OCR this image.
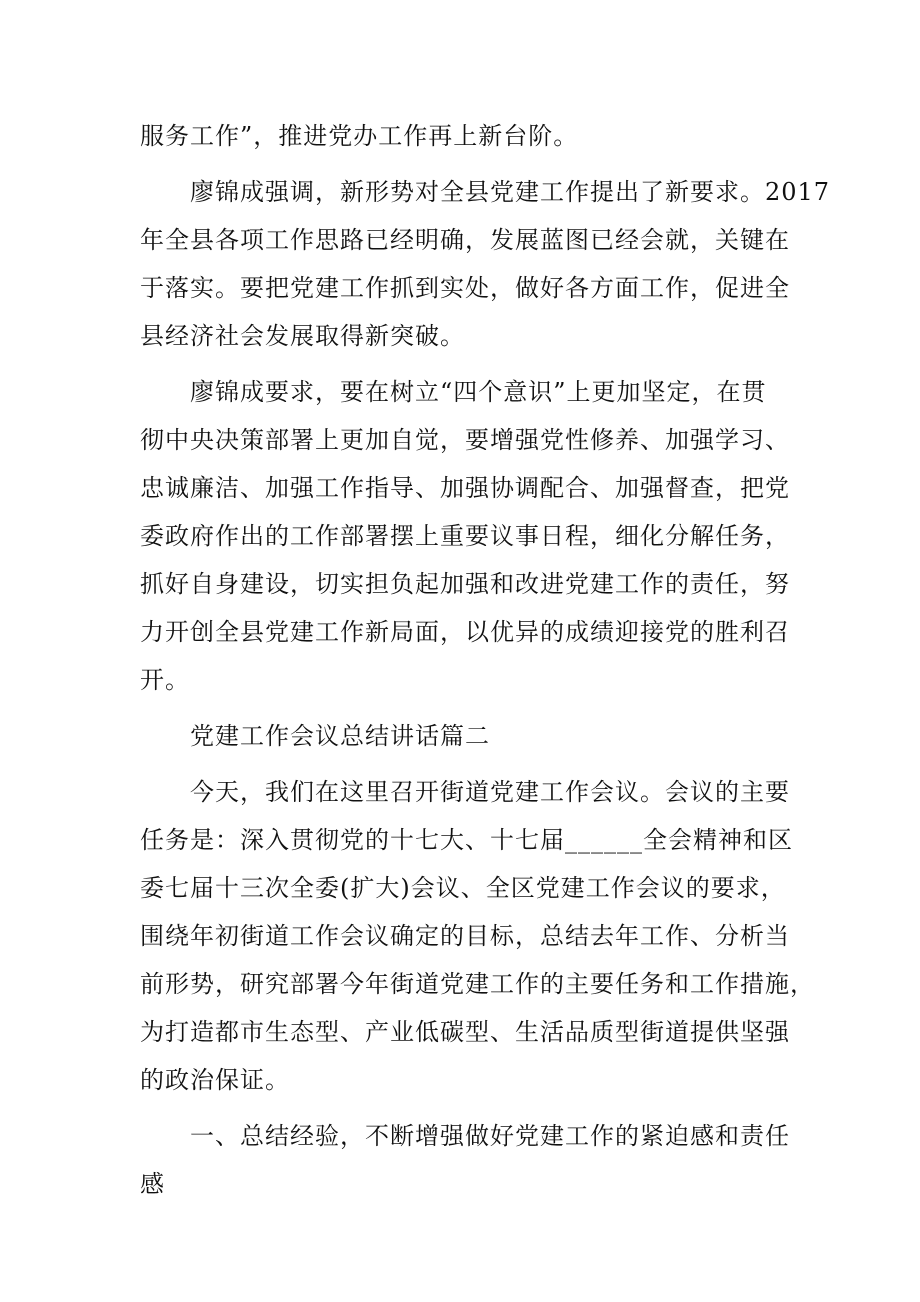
服务工作”，推进党办工作再上新台阶。
　　廖锦成强调，新形势对全县党建工作提出了新要求。2017
年全县各项工作思路已经明确，发展蓝图已经会就，关键在
于落实。要把党建工作抓到实处，做好各方面工作，促进全
县经济社会发展取得新突破。
　　廖锦成要求，要在树立“四个意识”上更加坚定，在贯
彻中央决策部署上更加自觉，要增强党性修养、加强学习、
忠诚廉洁、加强工作指导、加强协调配合、加强督查，把党
委政府作出的工作部署摆上重要议事日程，细化分解任务，
抓好自身建设，切实担负起加强和改进党建工作的责任，努
力开创全县党建工作新局面，以优异的成绩迎接党的胜利召
开。
　　党建工作会议总结讲话篇二
　　今天，我们在这里召开街道党建工作会议。会议的主要
任务是：深入贯彻党的十七大、十七届______全会精神和区
委七届十三次全委(扩大)会议、全区党建工作会议的要求，
围绕年初街道工作会议确定的目标，总结去年工作、分析当
前形势，研究部署今年街道党建工作的主要任务和工作措施，
为打造都市生态型、产业低碳型、生活品质型街道提供坚强
的政治保证。
　　一、总结经验，不断增强做好党建工作的紧迫感和责任
感
